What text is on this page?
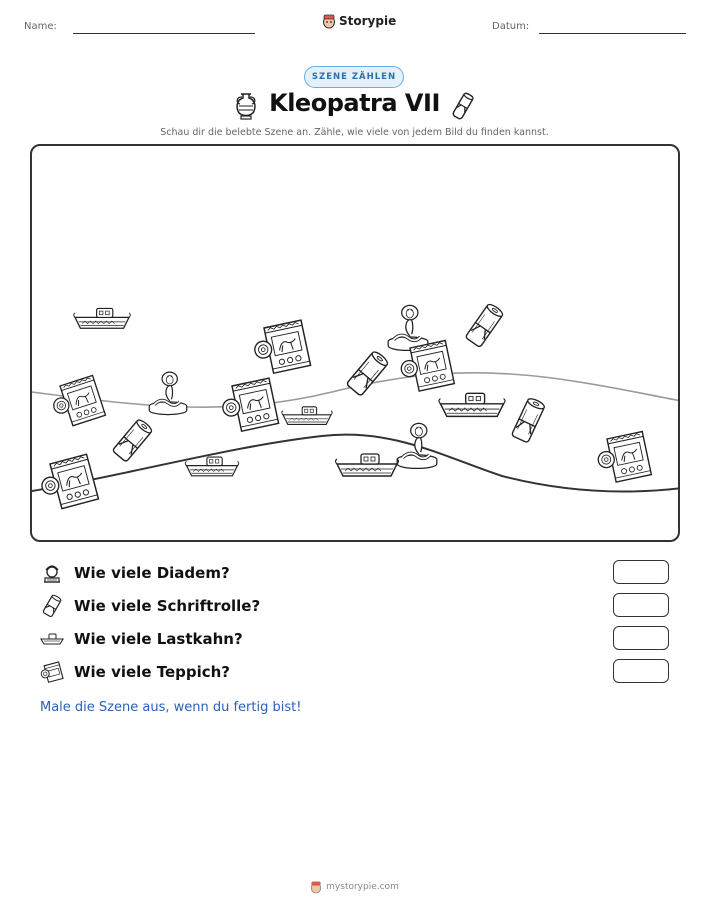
Name:	Storypie	Datum:
SZENE ZÄHLEN
Kleopatra VII
Schau dir die belebte Szene an. Zähle, wie viele von jedem Bild du finden kannst.
Wie viele Diadem?
Wie viele Schriftrolle?
Wie viele Lastkahn?
Wie viele Teppich?
Male die Szene aus, wenn du fertig bist!
mystorypie.com
